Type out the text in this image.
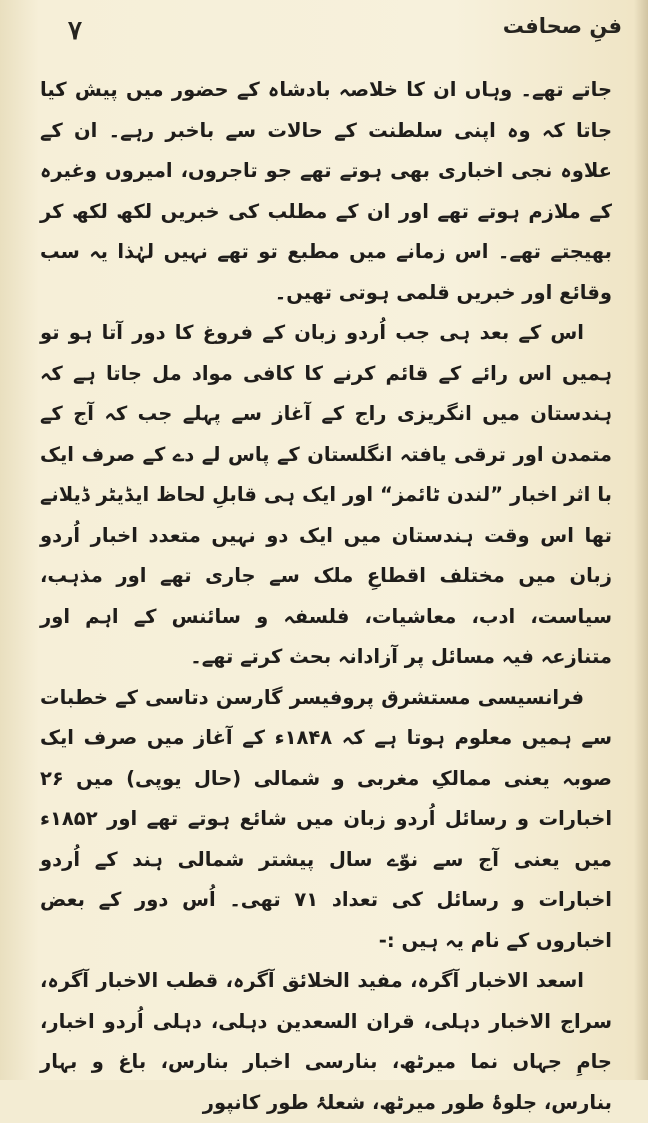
فنِ صحافت
۷

جاتے تھے۔ وہاں ان کا خلاصہ بادشاہ کے حضور میں پیش کیا جاتا کہ وہ اپنی سلطنت کے حالات سے باخبر رہے۔ ان کے علاوہ نجی اخباری بھی ہوتے تھے جو تاجروں، امیروں وغیرہ کے ملازم ہوتے تھے اور ان کے مطلب کی خبریں لکھ لکھ کر بھیجتے تھے۔ اس زمانے میں مطبع تو تھے نہیں لہٰذا یہ سب وقائع اور خبریں قلمی ہوتی تھیں۔

اس کے بعد ہی جب اُردو زبان کے فروغ کا دور آتا ہو تو ہمیں اس رائے کے قائم کرنے کا کافی مواد مل جاتا ہے کہ ہندستان میں انگریزی راج کے آغاز سے پہلے جب کہ آج کے متمدن اور ترقی یافتہ انگلستان کے پاس لے دے کے صرف ایک با اثر اخبار ”لندن ٹائمز“ اور ایک ہی قابلِ لحاظ ایڈیٹر ڈیلانے تھا اس وقت ہندستان میں ایک دو نہیں متعدد اخبار اُردو زبان میں مختلف اقطاعِ ملک سے جاری تھے اور مذہب، سیاست، ادب، معاشیات، فلسفہ و سائنس کے اہم اور متنازعہ فیہ مسائل پر آزادانہ بحث کرتے تھے۔

فرانسیسی مستشرق پروفیسر گارسن دتاسی کے خطبات سے ہمیں معلوم ہوتا ہے کہ ۱۸۴۸ء کے آغاز میں صرف ایک صوبہ یعنی ممالکِ مغربی و شمالی (حال یوپی) میں ۲۶ اخبارات و رسائل اُردو زبان میں شائع ہوتے تھے اور ۱۸۵۲ء میں یعنی آج سے نوّے سال پیشتر شمالی ہند کے اُردو اخبارات و رسائل کی تعداد ۷۱ تھی۔ اُس دور کے بعض اخباروں کے نام یہ ہیں :-

اسعد الاخبار آگرہ، مفید الخلائق آگرہ، قطب الاخبار آگرہ، سراج الاخبار دہلی، قران السعدین دہلی، دہلی اُردو اخبار، جامِ جہاں نما میرٹھ، بنارسی اخبار بنارس، باغ و بہار بنارس، جلوۂ طور میرٹھ، شعلۂ طور کانپور
